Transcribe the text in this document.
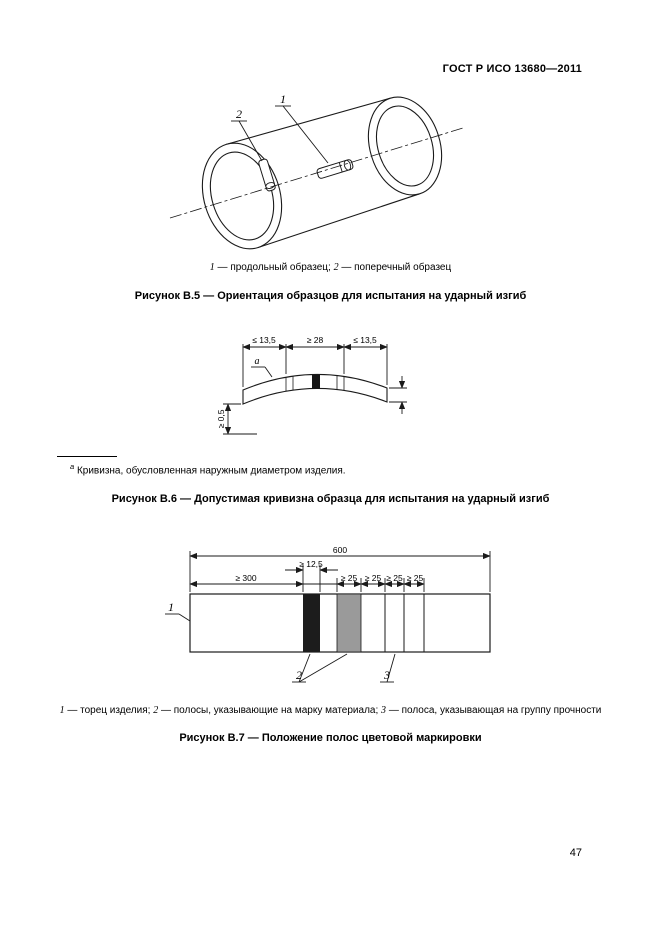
ГОСТ Р ИСО 13680—2011
1
2
1 — продольный образец; 2 — поперечный образец
Рисунок В.5 — Ориентация образцов для испытания на ударный изгиб
≤ 13,5	≥ 28	≤ 13,5
≥ 0,5
а
$^а$ Кривизна, обусловленная наружным диаметром изделия.
Рисунок В.6 — Допустимая кривизна образца для испытания на ударный изгиб
600
≥ 12,5
≥ 300	≥ 25 ≥ 25 ≥ 25 ≥ 25
1
2	3
1 — торец изделия; 2 — полосы, указывающие на марку материала; 3 — полоса, указывающая на группу прочности
Рисунок В.7 — Положение полос цветовой маркировки
47
